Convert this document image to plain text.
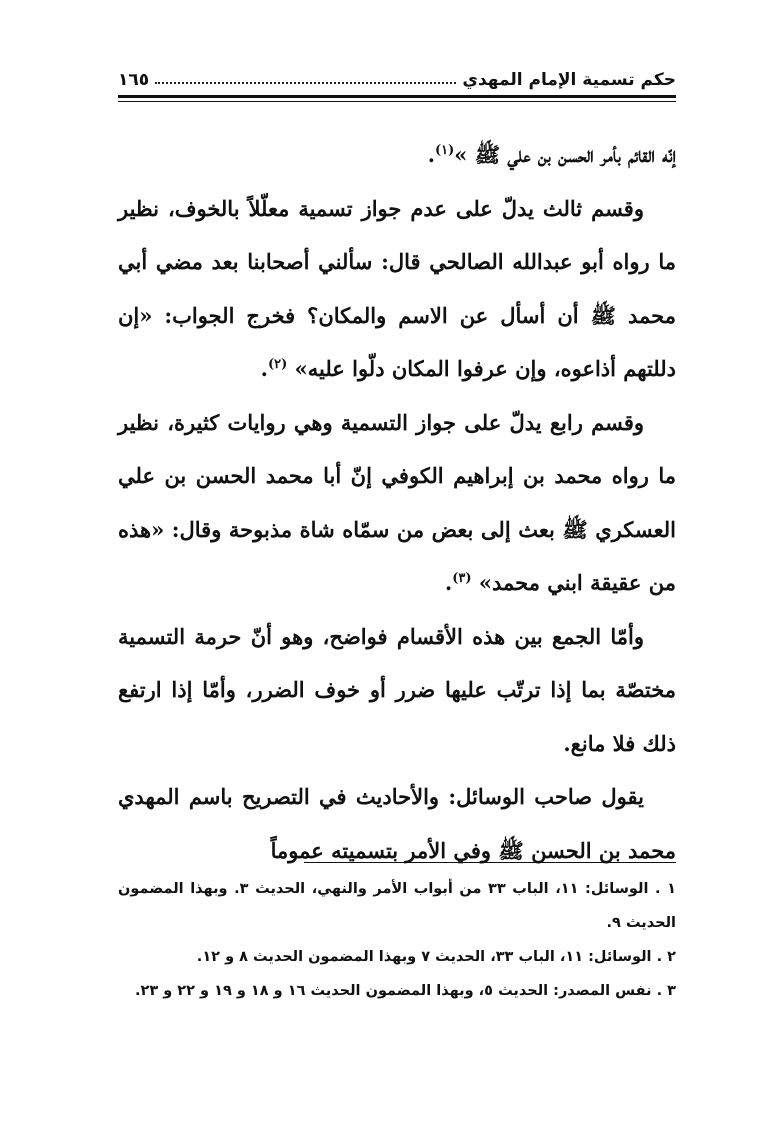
حكم تسمية الإمام المهدي
١٦٥

إنّه القائم بأمر الحسن بن علي ﷺ »$^{(١)}$.

وقسم ثالث يدلّ على عدم جواز تسمية معلّلاً بالخوف، نظير ما رواه أبو عبدالله الصالحي قال: سألني أصحابنا بعد مضي أبي محمد ﷺ أن أسأل عن الاسم والمكان؟ فخرج الجواب: «إن دللتهم أذاعوه، وإن عرفوا المكان دلّوا عليه» $^{(٢)}$.

وقسم رابع يدلّ على جواز التسمية وهي روايات كثيرة، نظير ما رواه محمد بن إبراهيم الكوفي إنّ أبا محمد الحسن بن علي العسكري ﷺ بعث إلى بعض من سمّاه شاة مذبوحة وقال: «هذه من عقيقة ابني محمد» $^{(٣)}$.

وأمّا الجمع بين هذه الأقسام فواضح، وهو أنّ حرمة التسمية مختصّة بما إذا ترتّب عليها ضرر أو خوف الضرر، وأمّا إذا ارتفع ذلك فلا مانع.

يقول صاحب الوسائل: والأحاديث في التصريح باسم المهدي محمد بن الحسن ﷺ وفي الأمر بتسميته عموماً

١ . الوسائل: ١١، الباب ٣٣ من أبواب الأمر والنهي، الحديث ٣. وبهذا المضمون الحديث ٩.

٢ . الوسائل: ١١، الباب ٣٣، الحديث ٧ وبهذا المضمون الحديث ٨ و ١٢.

٣ . نفس المصدر: الحديث ٥، وبهذا المضمون الحديث ١٦ و ١٨ و ١٩ و ٢٢ و ٢٣.
